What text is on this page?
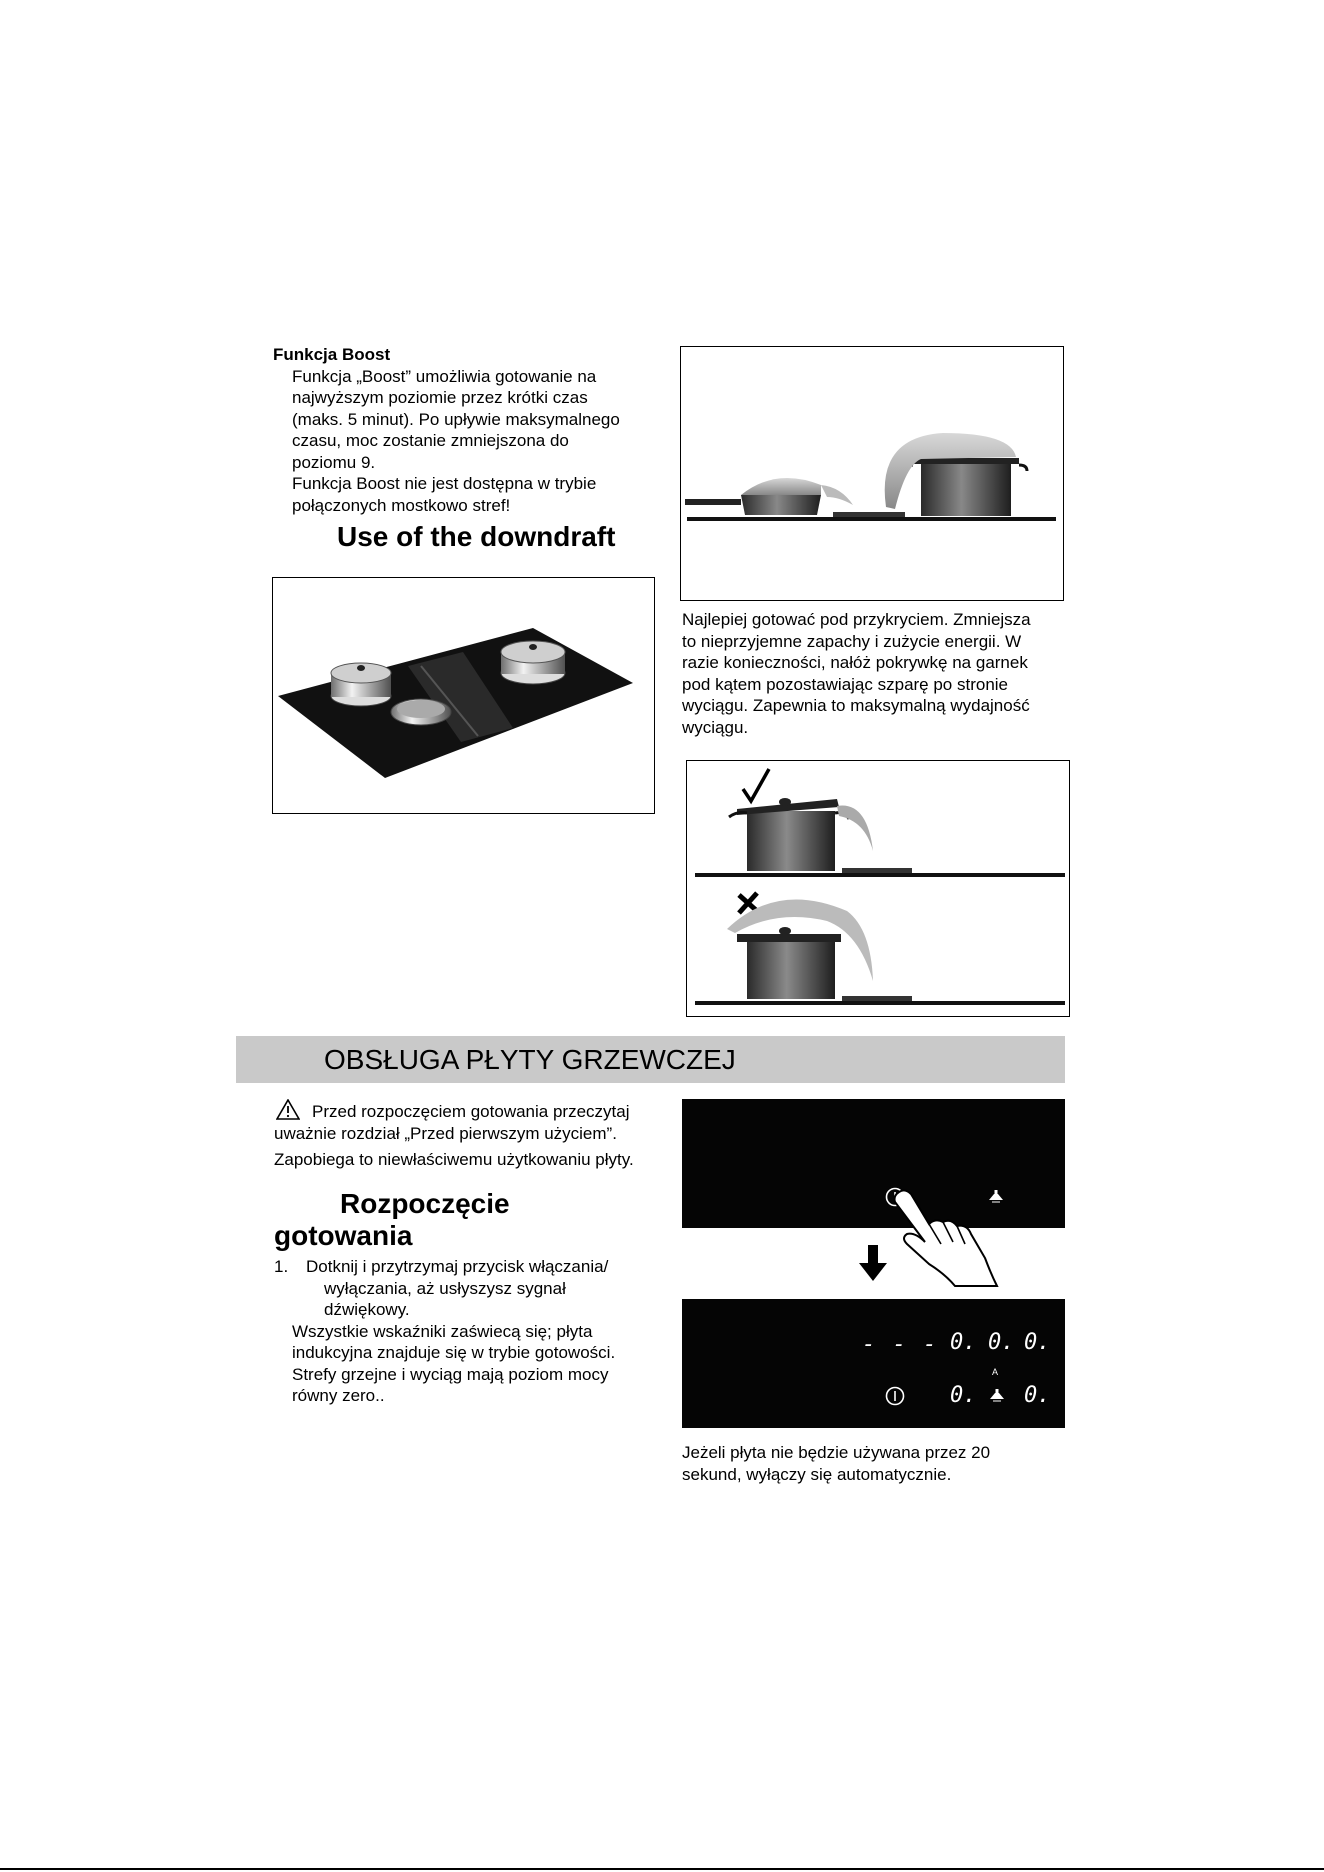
Funkcja Boost
Funkcja „Boost” umożliwia gotowanie na
najwyższym poziomie przez krótki czas
(maks. 5 minut). Po upływie maksymalnego
czasu, moc zostanie zmniejszona do
poziomu 9.
Funkcja Boost nie jest dostępna w trybie
połączonych mostkowo stref!
Use of the downdraft
Najlepiej gotować pod przykryciem. Zmniejsza
to nieprzyjemne zapachy i zużycie energii. W
razie konieczności, nałóż pokrywkę na garnek
pod kątem pozostawiając szparę po stronie
wyciągu. Zapewnia to maksymalną wydajność
wyciągu.
OBSŁUGA PŁYTY GRZEWCZEJ
Przed rozpoczęciem gotowania przeczytaj
uważnie rozdział „Przed pierwszym użyciem”.
Zapobiega to niewłaściwemu użytkowaniu płyty.
Rozpoczęcie
gotowania
1. Dotknij i przytrzymaj przycisk włączania/
wyłączania, aż usłyszysz sygnał
dźwiękowy.
Wszystkie wskaźniki zaświecą się; płyta
indukcyjna znajduje się w trybie gotowości.
Strefy grzejne i wyciąg mają poziom mocy
równy zero..
- - - 0. 0. 0.
A
0. 0.
Jeżeli płyta nie będzie używana przez 20
sekund, wyłączy się automatycznie.
